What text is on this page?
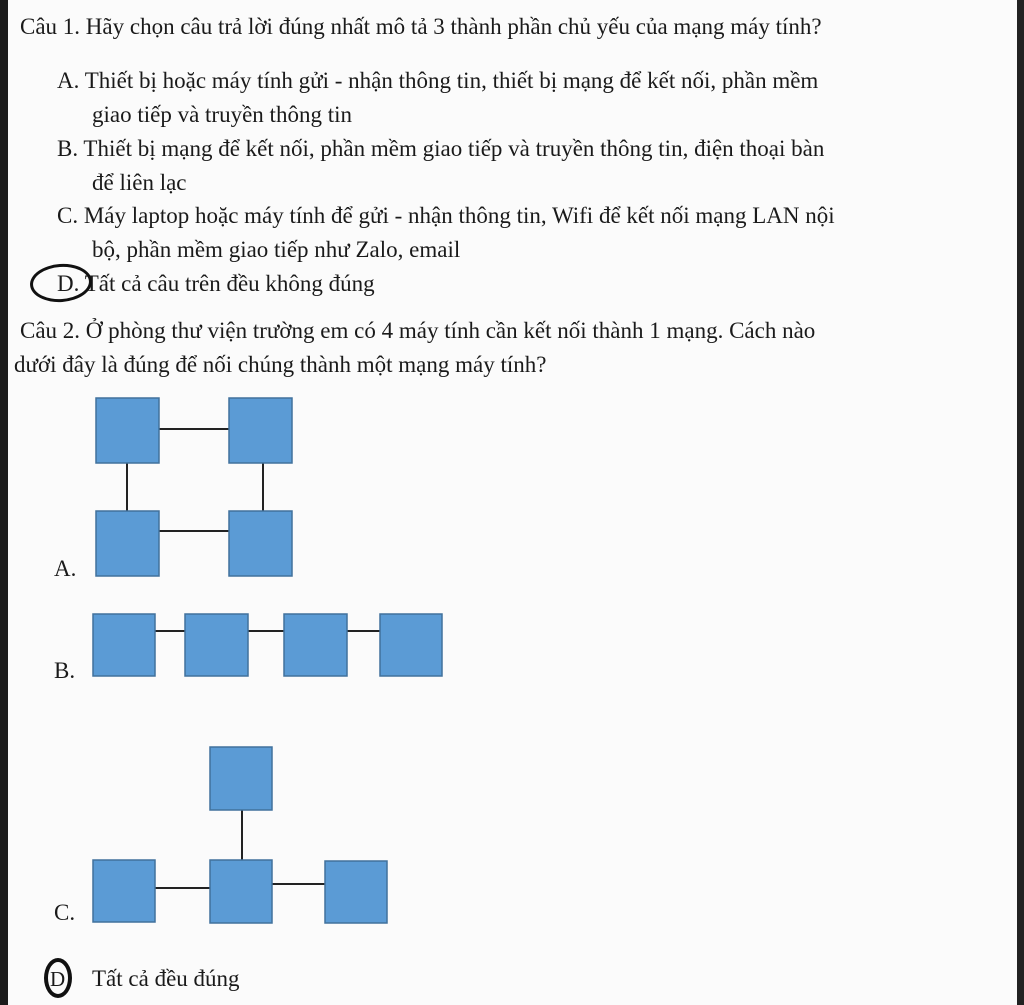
Câu 1. Hãy chọn câu trả lời đúng nhất mô tả 3 thành phần chủ yếu của mạng máy tính?
A. Thiết bị hoặc máy tính gửi - nhận thông tin, thiết bị mạng để kết nối, phần mềm
giao tiếp và truyền thông tin
B. Thiết bị mạng để kết nối, phần mềm giao tiếp và truyền thông tin, điện thoại bàn
để liên lạc
C. Máy laptop hoặc máy tính để gửi - nhận thông tin, Wifi để kết nối mạng LAN nội
bộ, phần mềm giao tiếp như Zalo, email
D. Tất cả câu trên đều không đúng
Câu 2. Ở phòng thư viện trường em có 4 máy tính cần kết nối thành 1 mạng. Cách nào
dưới đây là đúng để nối chúng thành một mạng máy tính?
A.
B.
C.
D Tất cả đều đúng
